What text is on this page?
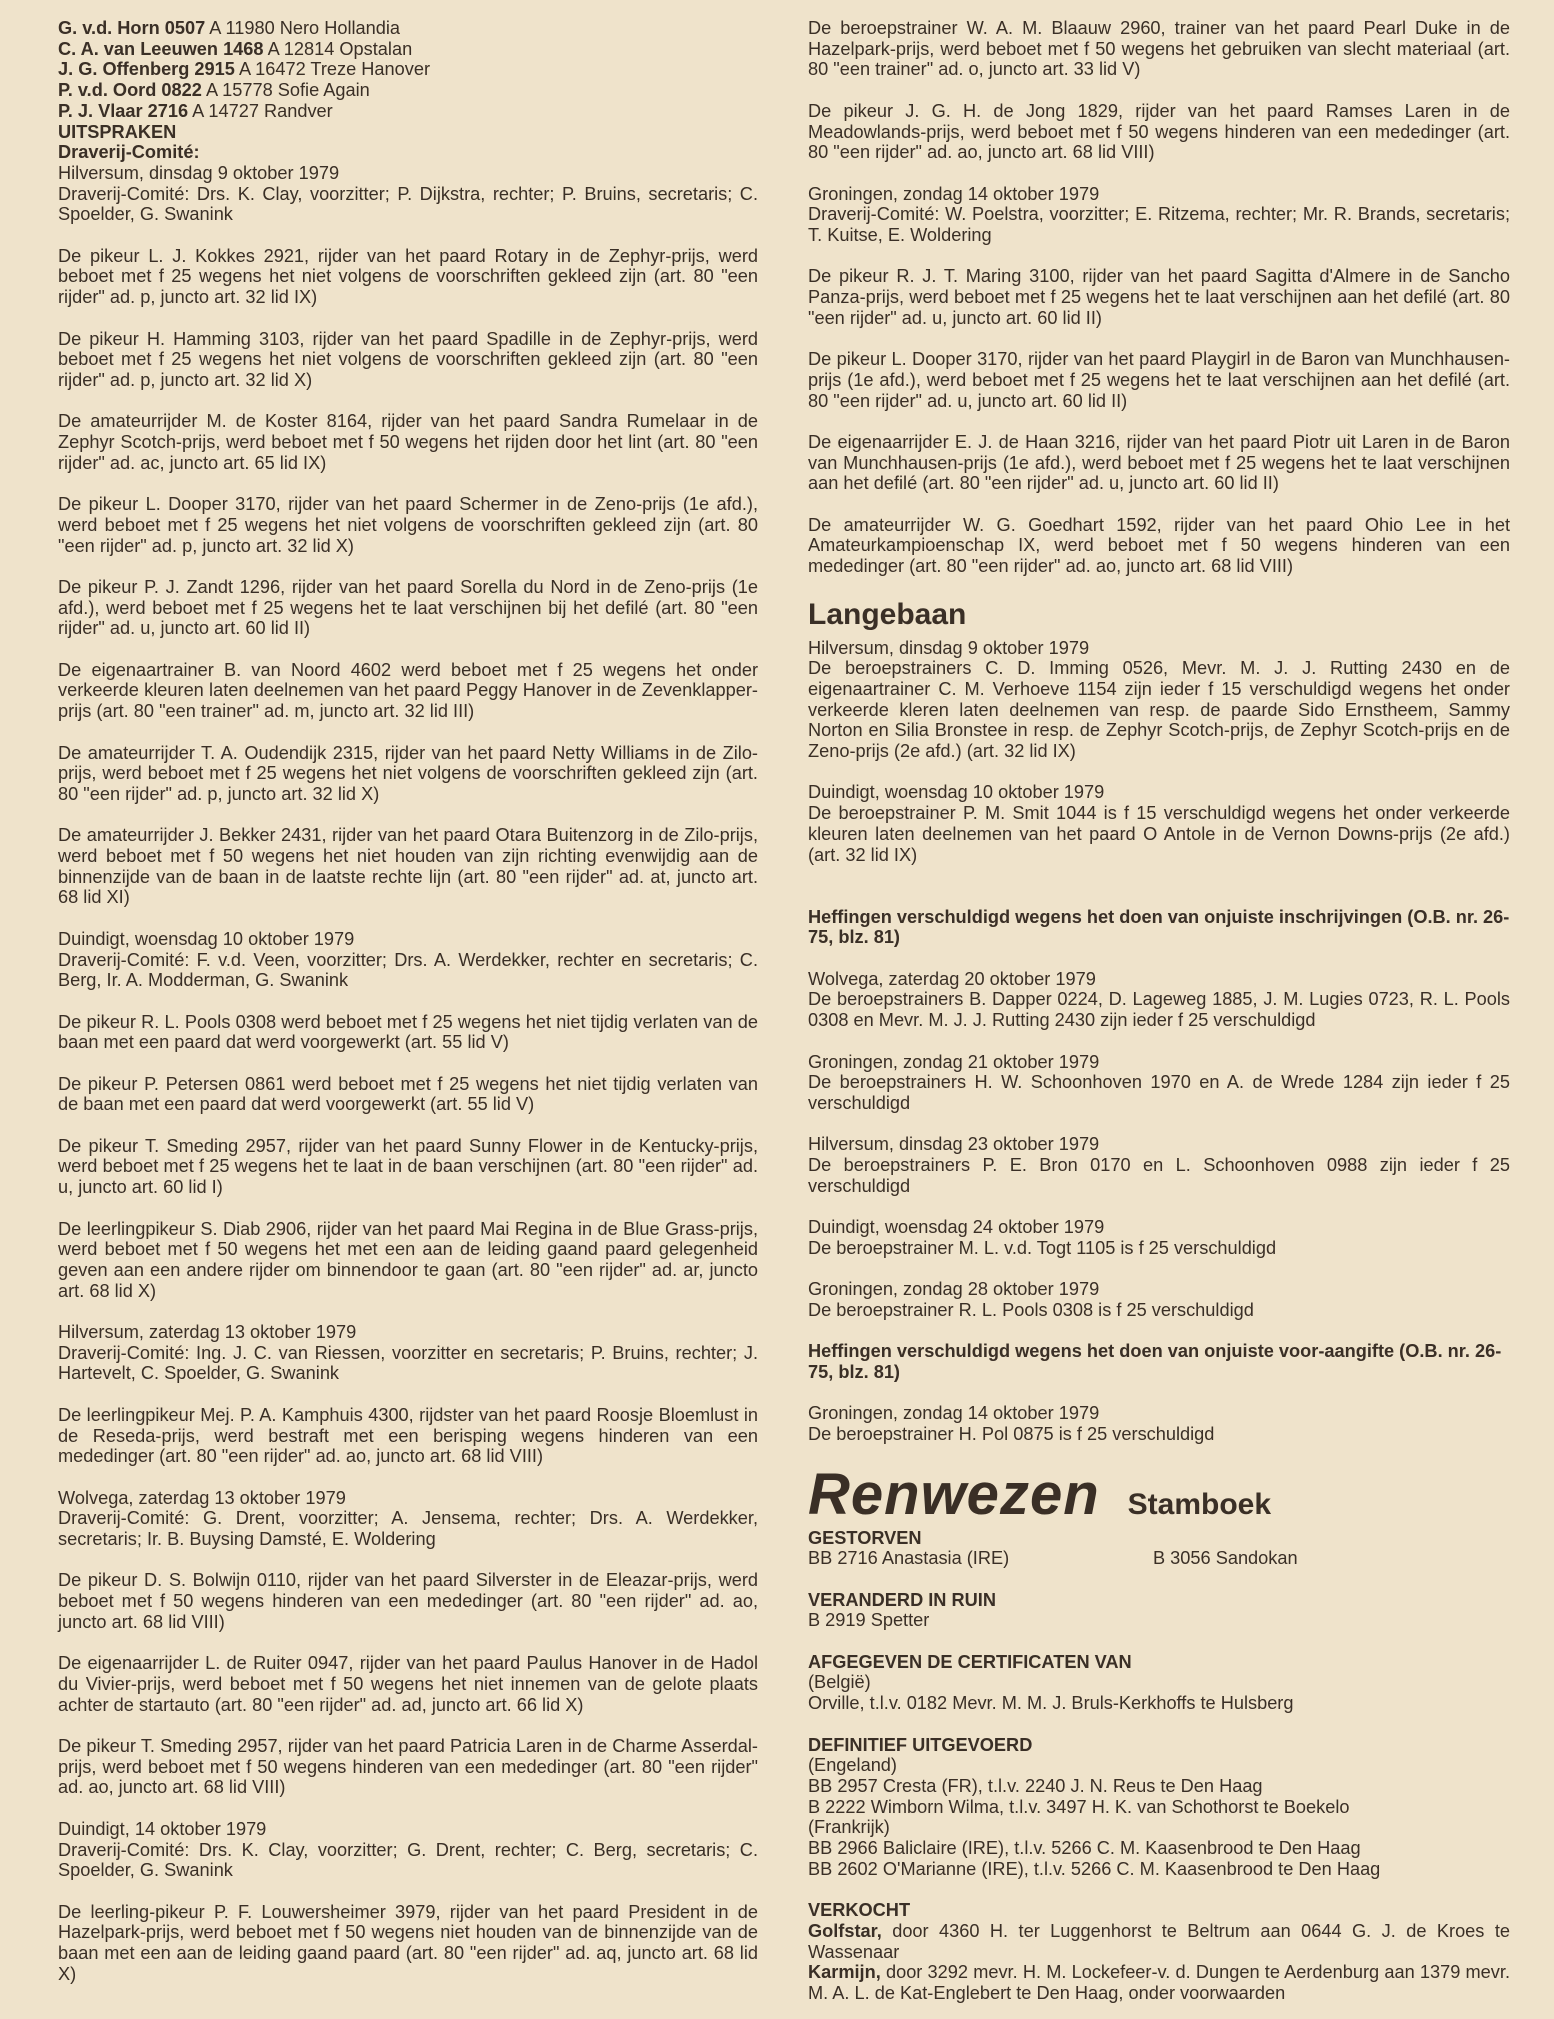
G. v.d. Horn 0507 A 11980 Nero Hollandia
C. A. van Leeuwen 1468 A 12814 Opstalan
J. G. Offenberg 2915 A 16472 Treze Hanover
P. v.d. Oord 0822 A 15778 Sofie Again
P. J. Vlaar 2716 A 14727 Randver
UITSPRAKEN
Draverij-Comité:
Hilversum, dinsdag 9 oktober 1979
Draverij-Comité: Drs. K. Clay, voorzitter; P. Dijkstra, rechter; P. Bruins, secretaris; C. Spoelder, G. Swanink
De pikeur L. J. Kokkes 2921, rijder van het paard Rotary in de Zephyr-prijs, werd beboet met f 25 wegens het niet volgens de voorschriften gekleed zijn (art. 80 "een rijder" ad. p, juncto art. 32 lid IX)
De pikeur H. Hamming 3103, rijder van het paard Spadille in de Zephyr-prijs, werd beboet met f 25 wegens het niet volgens de voorschriften gekleed zijn (art. 80 "een rijder" ad. p, juncto art. 32 lid X)
De amateurrijder M. de Koster 8164, rijder van het paard Sandra Rumelaar in de Zephyr Scotch-prijs, werd beboet met f 50 wegens het rijden door het lint (art. 80 "een rijder" ad. ac, juncto art. 65 lid IX)
De pikeur L. Dooper 3170, rijder van het paard Schermer in de Zeno-prijs (1e afd.), werd beboet met f 25 wegens het niet volgens de voorschriften gekleed zijn (art. 80 "een rijder" ad. p, juncto art. 32 lid X)
De pikeur P. J. Zandt 1296, rijder van het paard Sorella du Nord in de Zeno-prijs (1e afd.), werd beboet met f 25 wegens het te laat verschijnen bij het defilé (art. 80 "een rijder" ad. u, juncto art. 60 lid II)
De eigenaartrainer B. van Noord 4602 werd beboet met f 25 wegens het onder verkeerde kleuren laten deelnemen van het paard Peggy Hanover in de Zevenklapper-prijs (art. 80 "een trainer" ad. m, juncto art. 32 lid III)
De amateurrijder T. A. Oudendijk 2315, rijder van het paard Netty Williams in de Zilo-prijs, werd beboet met f 25 wegens het niet volgens de voorschriften gekleed zijn (art. 80 "een rijder" ad. p, juncto art. 32 lid X)
De amateurrijder J. Bekker 2431, rijder van het paard Otara Buitenzorg in de Zilo-prijs, werd beboet met f 50 wegens het niet houden van zijn richting evenwijdig aan de binnenzijde van de baan in de laatste rechte lijn (art. 80 "een rijder" ad. at, juncto art. 68 lid XI)
Duindigt, woensdag 10 oktober 1979
Draverij-Comité: F. v.d. Veen, voorzitter; Drs. A. Werdekker, rechter en secretaris; C. Berg, Ir. A. Modderman, G. Swanink
De pikeur R. L. Pools 0308 werd beboet met f 25 wegens het niet tijdig verlaten van de baan met een paard dat werd voorgewerkt (art. 55 lid V)
De pikeur P. Petersen 0861 werd beboet met f 25 wegens het niet tijdig verlaten van de baan met een paard dat werd voorgewerkt (art. 55 lid V)
De pikeur T. Smeding 2957, rijder van het paard Sunny Flower in de Kentucky-prijs, werd beboet met f 25 wegens het te laat in de baan verschijnen (art. 80 "een rijder" ad. u, juncto art. 60 lid I)
De leerlingpikeur S. Diab 2906, rijder van het paard Mai Regina in de Blue Grass-prijs, werd beboet met f 50 wegens het met een aan de leiding gaand paard gelegenheid geven aan een andere rijder om binnendoor te gaan (art. 80 "een rijder" ad. ar, juncto art. 68 lid X)
Hilversum, zaterdag 13 oktober 1979
Draverij-Comité: Ing. J. C. van Riessen, voorzitter en secretaris; P. Bruins, rechter; J. Hartevelt, C. Spoelder, G. Swanink
De leerlingpikeur Mej. P. A. Kamphuis 4300, rijdster van het paard Roosje Bloemlust in de Reseda-prijs, werd bestraft met een berisping wegens hinderen van een mededinger (art. 80 "een rijder" ad. ao, juncto art. 68 lid VIII)
Wolvega, zaterdag 13 oktober 1979
Draverij-Comité: G. Drent, voorzitter; A. Jensema, rechter; Drs. A. Werdekker, secretaris; Ir. B. Buysing Damsté, E. Woldering
De pikeur D. S. Bolwijn 0110, rijder van het paard Silverster in de Eleazar-prijs, werd beboet met f 50 wegens hinderen van een mededinger (art. 80 "een rijder" ad. ao, juncto art. 68 lid VIII)
De eigenaarrijder L. de Ruiter 0947, rijder van het paard Paulus Hanover in de Hadol du Vivier-prijs, werd beboet met f 50 wegens het niet innemen van de gelote plaats achter de startauto (art. 80 "een rijder" ad. ad, juncto art. 66 lid X)
De pikeur T. Smeding 2957, rijder van het paard Patricia Laren in de Charme Asserdal-prijs, werd beboet met f 50 wegens hinderen van een mededinger (art. 80 "een rijder" ad. ao, juncto art. 68 lid VIII)
Duindigt, 14 oktober 1979
Draverij-Comité: Drs. K. Clay, voorzitter; G. Drent, rechter; C. Berg, secretaris; C. Spoelder, G. Swanink
De leerling-pikeur P. F. Louwersheimer 3979, rijder van het paard President in de Hazelpark-prijs, werd beboet met f 50 wegens niet houden van de binnenzijde van de baan met een aan de leiding gaand paard (art. 80 "een rijder" ad. aq, juncto art. 68 lid X)
De beroepstrainer W. A. M. Blaauw 2960, trainer van het paard Pearl Duke in de Hazelpark-prijs, werd beboet met f 50 wegens het gebruiken van slecht materiaal (art. 80 "een trainer" ad. o, juncto art. 33 lid V)
De pikeur J. G. H. de Jong 1829, rijder van het paard Ramses Laren in de Meadowlands-prijs, werd beboet met f 50 wegens hinderen van een mededinger (art. 80 "een rijder" ad. ao, juncto art. 68 lid VIII)
Groningen, zondag 14 oktober 1979
Draverij-Comité: W. Poelstra, voorzitter; E. Ritzema, rechter; Mr. R. Brands, secretaris; T. Kuitse, E. Woldering
De pikeur R. J. T. Maring 3100, rijder van het paard Sagitta d'Almere in de Sancho Panza-prijs, werd beboet met f 25 wegens het te laat verschijnen aan het defilé (art. 80 "een rijder" ad. u, juncto art. 60 lid II)
De pikeur L. Dooper 3170, rijder van het paard Playgirl in de Baron van Munchhausen-prijs (1e afd.), werd beboet met f 25 wegens het te laat verschijnen aan het defilé (art. 80 "een rijder" ad. u, juncto art. 60 lid II)
De eigenaarrijder E. J. de Haan 3216, rijder van het paard Piotr uit Laren in de Baron van Munchhausen-prijs (1e afd.), werd beboet met f 25 wegens het te laat verschijnen aan het defilé (art. 80 "een rijder" ad. u, juncto art. 60 lid II)
De amateurrijder W. G. Goedhart 1592, rijder van het paard Ohio Lee in het Amateurkampioenschap IX, werd beboet met f 50 wegens hinderen van een mededinger (art. 80 "een rijder" ad. ao, juncto art. 68 lid VIII)
Langebaan
Hilversum, dinsdag 9 oktober 1979
De beroepstrainers C. D. Imming 0526, Mevr. M. J. J. Rutting 2430 en de eigenaartrainer C. M. Verhoeve 1154 zijn ieder f 15 verschuldigd wegens het onder verkeerde kleren laten deelnemen van resp. de paarde Sido Ernstheem, Sammy Norton en Silia Bronstee in resp. de Zephyr Scotch-prijs, de Zephyr Scotch-prijs en de Zeno-prijs (2e afd.) (art. 32 lid IX)
Duindigt, woensdag 10 oktober 1979
De beroepstrainer P. M. Smit 1044 is f 15 verschuldigd wegens het onder verkeerde kleuren laten deelnemen van het paard O Antole in de Vernon Downs-prijs (2e afd.) (art. 32 lid IX)
Heffingen verschuldigd wegens het doen van onjuiste inschrijvingen (O.B. nr. 26-75, blz. 81)
Wolvega, zaterdag 20 oktober 1979
De beroepstrainers B. Dapper 0224, D. Lageweg 1885, J. M. Lugies 0723, R. L. Pools 0308 en Mevr. M. J. J. Rutting 2430 zijn ieder f 25 verschuldigd
Groningen, zondag 21 oktober 1979
De beroepstrainers H. W. Schoonhoven 1970 en A. de Wrede 1284 zijn ieder f 25 verschuldigd
Hilversum, dinsdag 23 oktober 1979
De beroepstrainers P. E. Bron 0170 en L. Schoonhoven 0988 zijn ieder f 25 verschuldigd
Duindigt, woensdag 24 oktober 1979
De beroepstrainer M. L. v.d. Togt 1105 is f 25 verschuldigd
Groningen, zondag 28 oktober 1979
De beroepstrainer R. L. Pools 0308 is f 25 verschuldigd
Heffingen verschuldigd wegens het doen van onjuiste voor-aangifte (O.B. nr. 26-75, blz. 81)
Groningen, zondag 14 oktober 1979
De beroepstrainer H. Pol 0875 is f 25 verschuldigd
Renwezen Stamboek
GESTORVEN
BB 2716 Anastasia (IRE)	B 3056 Sandokan
VERANDERD IN RUIN
B 2919 Spetter
AFGEGEVEN DE CERTIFICATEN VAN
(België)
Orville, t.l.v. 0182 Mevr. M. M. J. Bruls-Kerkhoffs te Hulsberg
DEFINITIEF UITGEVOERD
(Engeland)
BB 2957 Cresta (FR), t.l.v. 2240 J. N. Reus te Den Haag
B 2222 Wimborn Wilma, t.l.v. 3497 H. K. van Schothorst te Boekelo
(Frankrijk)
BB 2966 Baliclaire (IRE), t.l.v. 5266 C. M. Kaasenbrood te Den Haag
BB 2602 O'Marianne (IRE), t.l.v. 5266 C. M. Kaasenbrood te Den Haag
VERKOCHT
Golfstar, door 4360 H. ter Luggenhorst te Beltrum aan 0644 G. J. de Kroes te Wassenaar
Karmijn, door 3292 mevr. H. M. Lockefeer-v. d. Dungen te Aerdenburg aan 1379 mevr. M. A. L. de Kat-Englebert te Den Haag, onder voorwaarden
